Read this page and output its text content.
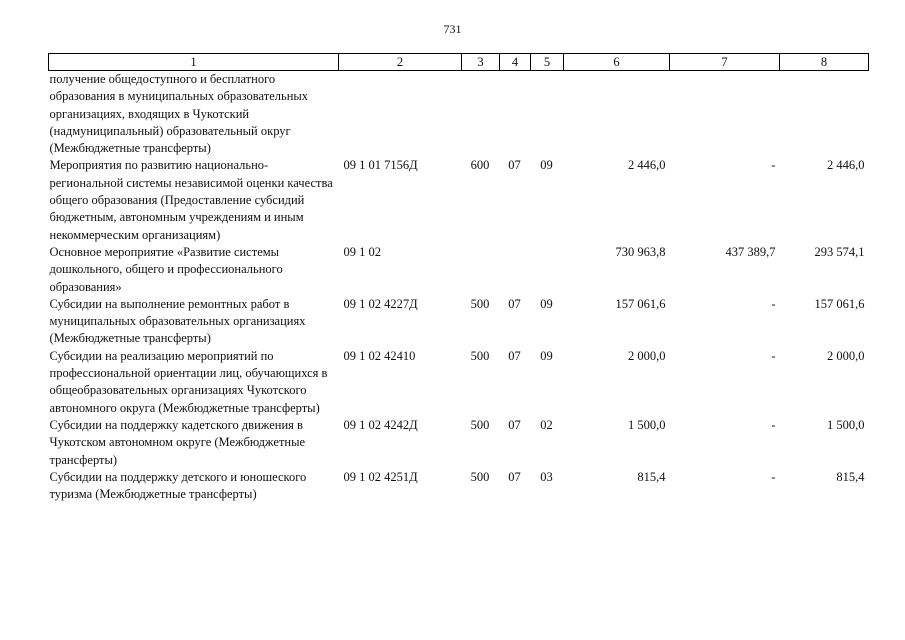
731
1	2	3	4	5	6	7	8
получение общедоступного и бесплатного образования в муниципальных образовательных организациях, входящих в Чукотский (надмуниципальный) образовательный округ (Межбюджетные трансферты)							
Мероприятия по развитию национально-региональной системы независимой оценки качества общего образования (Предоставление субсидий бюджетным, автономным учреждениям и иным некоммерческим организациям)	09 1 01 7156Д	600	07	09	2 446,0	-	2 446,0
Основное мероприятие «Развитие системы дошкольного, общего и профессионального образования»	09 1 02				730 963,8	437 389,7	293 574,1
Субсидии на выполнение ремонтных работ в муниципальных образовательных организациях (Межбюджетные трансферты)	09 1 02 4227Д	500	07	09	157 061,6	-	157 061,6
Субсидии на реализацию мероприятий по профессиональной ориентации лиц, обучающихся в общеобразовательных организациях Чукотского автономного округа (Межбюджетные трансферты)	09 1 02 42410	500	07	09	2 000,0	-	2 000,0
Субсидии на поддержку кадетского движения в Чукотском автономном округе (Межбюджетные трансферты)	09 1 02 4242Д	500	07	02	1 500,0	-	1 500,0
Субсидии на поддержку детского и юношеского туризма (Межбюджетные трансферты)	09 1 02 4251Д	500	07	03	815,4	-	815,4
